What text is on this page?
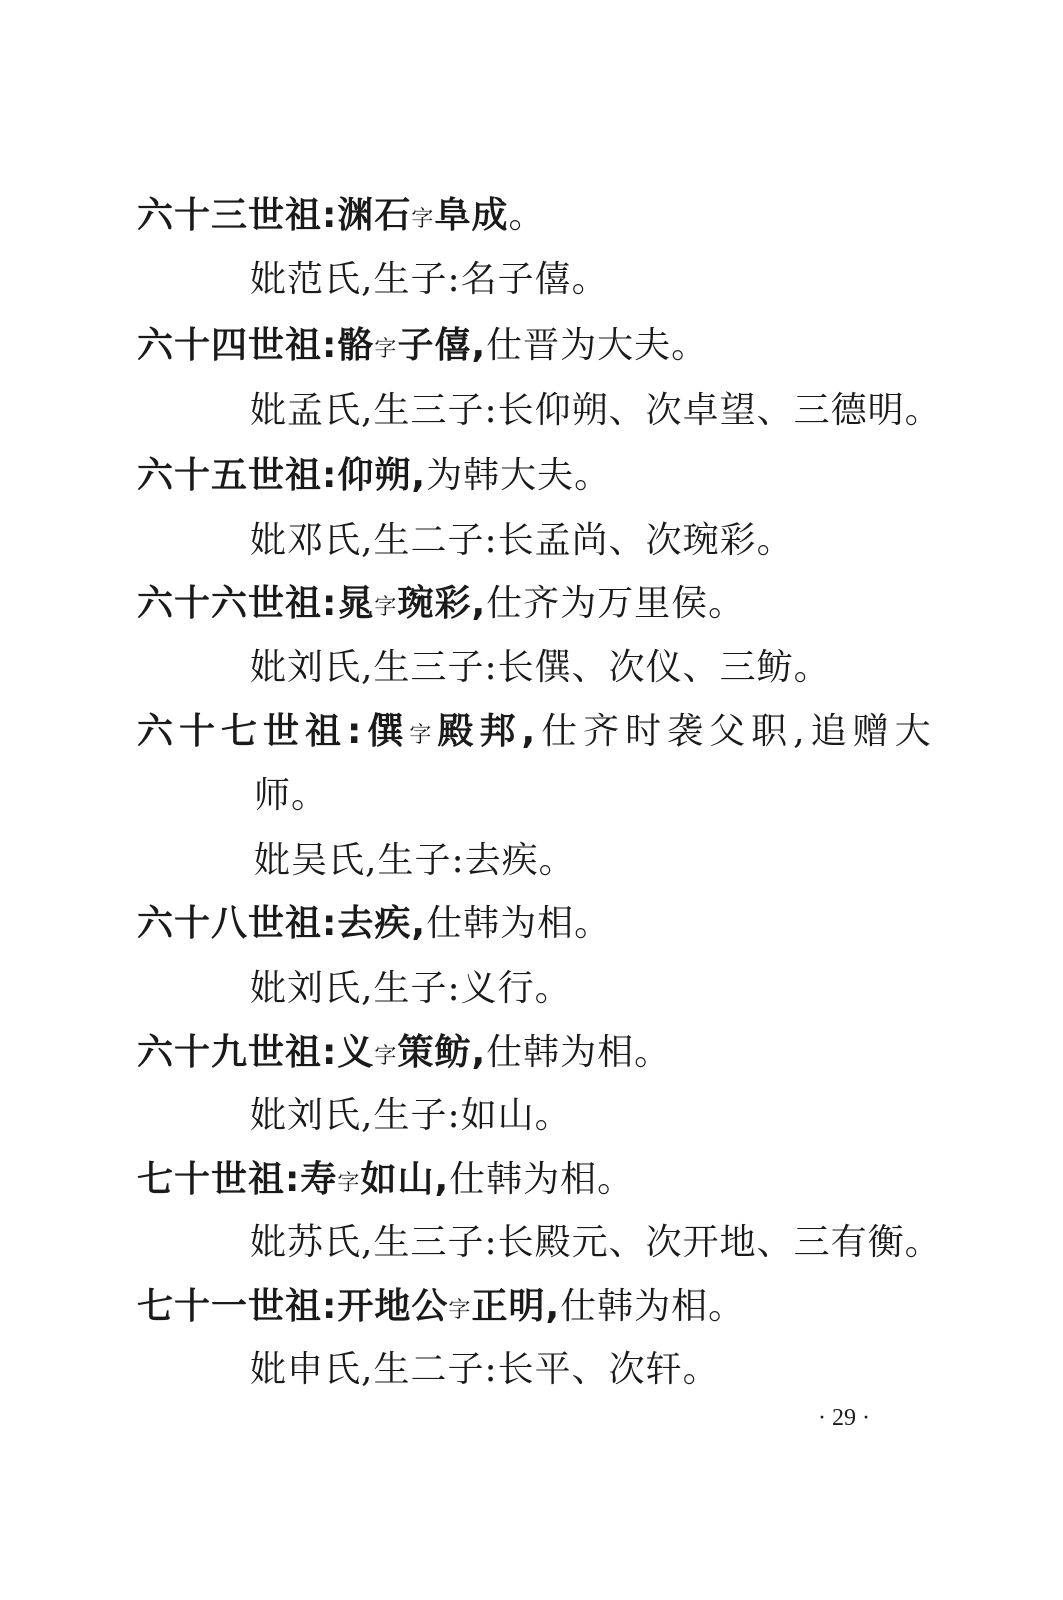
六十三世祖:渊石字阜成。
妣范氏,生子:名子僖。
六十四世祖:骼字子僖,仕晋为大夫。
妣孟氏,生三子:长仰朔、次卓望、三德明。
六十五世祖:仰朔,为韩大夫。
妣邓氏,生二子:长孟尚、次琬彩。
六十六世祖:晁字琬彩,仕齐为万里侯。
妣刘氏,生三子:长僎、次仪、三鲂。
六十七世祖:僎字殿邦,仕齐时袭父职,追赠大
师。
妣吴氏,生子:去疾。
六十八世祖:去疾,仕韩为相。
妣刘氏,生子:义行。
六十九世祖:义字策鲂,仕韩为相。
妣刘氏,生子:如山。
七十世祖:寿字如山,仕韩为相。
妣苏氏,生三子:长殿元、次开地、三有衡。
七十一世祖:开地公字正明,仕韩为相。
妣申氏,生二子:长平、次轩。
· 29 ·
